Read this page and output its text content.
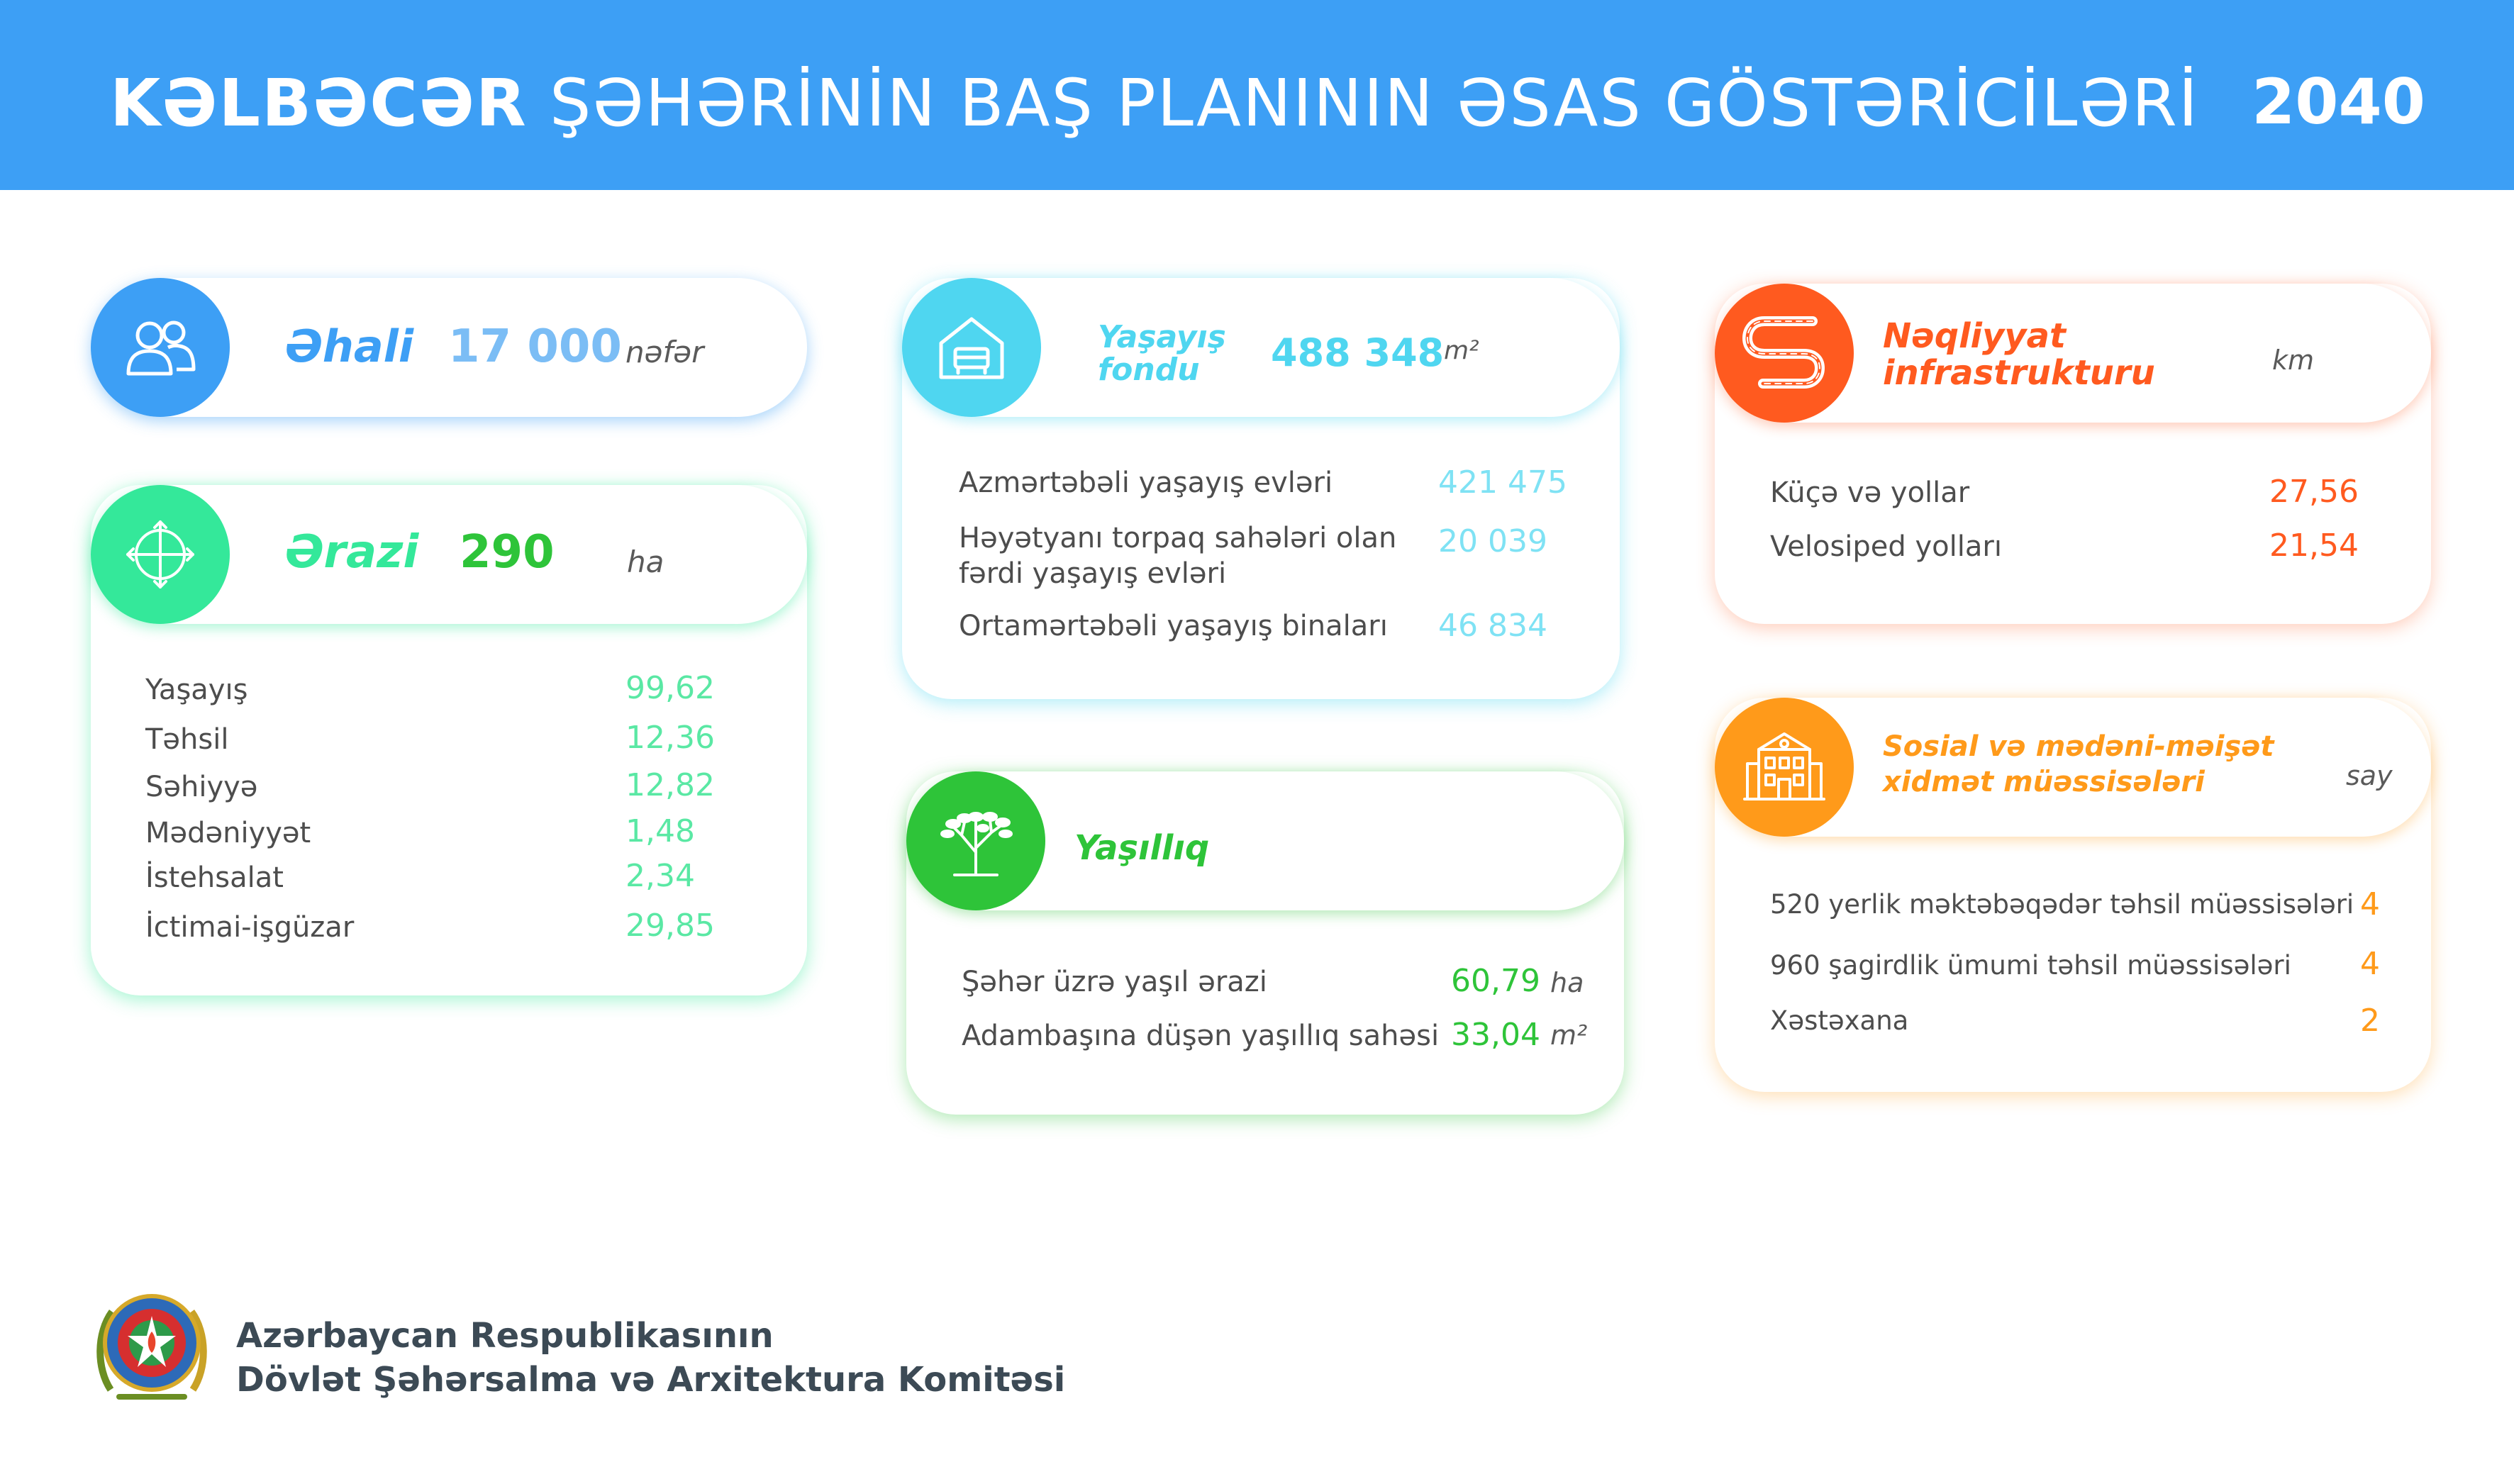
KƏLBƏCƏR ŞƏHƏRİNİN BAŞ PLANININ ƏSAS GÖSTƏRİCİLƏRİ 2040
Əhali 17 000 nəfər
Ərazi 290 ha
Yaşayış	99,62
Təhsil	12,36
Səhiyyə	12,82
Mədəniyyət	1,48
İstehsalat	2,34
İctimai-işgüzar	29,85
Yaşayış
fondu 488 348 m²
Azmərtəbəli yaşayış evləri	421 475
Həyətyanı torpaq sahələri olan
fərdi yaşayış evləri
20 039
Ortamərtəbəli yaşayış binaları 46 834
Yaşıllıq
Şəhər üzrə yaşıl ərazi	60,79 ha
Adambaşına düşən yaşıllıq sahəsi 33,04 m²
Nəqliyyat
infrastrukturu	km
Küçə və yollar	27,56
Velosiped yolları	21,54
Sosial və mədəni-məişət
xidmət müəssisələri	say
520 yerlik məktəbəqədər təhsil müəssisələri 4
960 şagirdlik ümumi təhsil müəssisələri 4
Xəstəxana	2
Azərbaycan Respublikasının
Dövlət Şəhərsalma və Arxitektura Komitəsi
